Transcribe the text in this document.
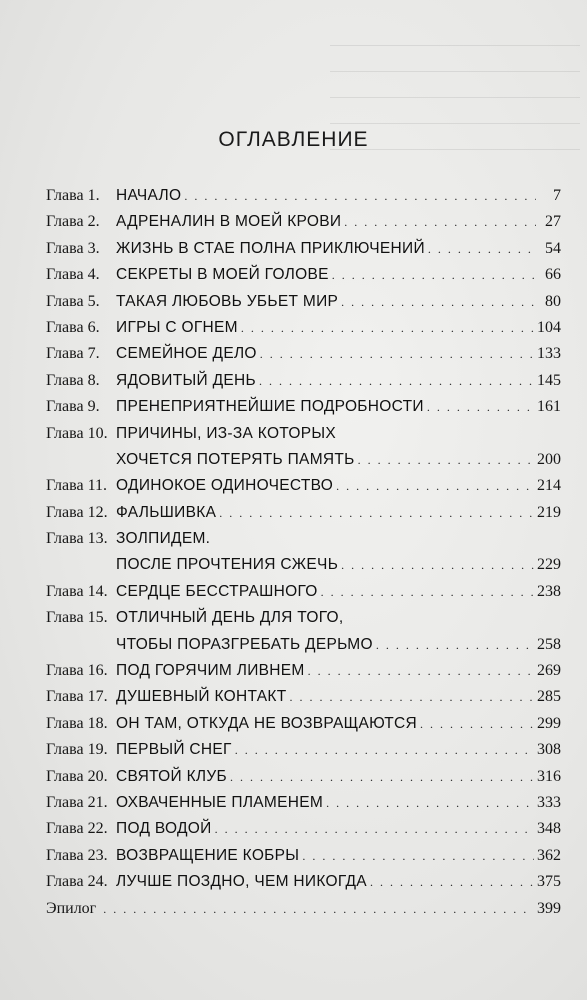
ОГЛАВЛЕНИЕ
Глава 1.	НАЧАЛО . . .	7
Глава 2.	АДРЕНАЛИН В МОЕЙ КРОВИ . . .	27
Глава 3.	ЖИЗНЬ В СТАЕ ПОЛНА ПРИКЛЮЧЕНИЙ . . .	54
Глава 4.	СЕКРЕТЫ В МОЕЙ ГОЛОВЕ . . .	66
Глава 5.	ТАКАЯ ЛЮБОВЬ УБЬЕТ МИР . . .	80
Глава 6.	ИГРЫ С ОГНЕМ . . .	104
Глава 7.	СЕМЕЙНОЕ ДЕЛО . . .	133
Глава 8.	ЯДОВИТЫЙ ДЕНЬ . . .	145
Глава 9.	ПРЕНЕПРИЯТНЕЙШИЕ ПОДРОБНОСТИ . . .	161
Глава 10. ПРИЧИНЫ, ИЗ-ЗА КОТОРЫХ
ХОЧЕТСЯ ПОТЕРЯТЬ ПАМЯТЬ . . .	200
Глава 11. ОДИНОКОЕ ОДИНОЧЕСТВО . . .	214
Глава 12. ФАЛЬШИВКА . . .	219
Глава 13. ЗОЛПИДЕМ.
ПОСЛЕ ПРОЧТЕНИЯ СЖЕЧЬ . . .	229
Глава 14. СЕРДЦЕ БЕССТРАШНОГО . . .	238
Глава 15. ОТЛИЧНЫЙ ДЕНЬ ДЛЯ ТОГО,
ЧТОБЫ ПОРАЗГРЕБАТЬ ДЕРЬМО . . .	258
Глава 16. ПОД ГОРЯЧИМ ЛИВНЕМ . . .	269
Глава 17. ДУШЕВНЫЙ КОНТАКТ . . .	285
Глава 18. ОН ТАМ, ОТКУДА НЕ ВОЗВРАЩАЮТСЯ . . .	299
Глава 19. ПЕРВЫЙ СНЕГ . . .	308
Глава 20. СВЯТОЙ КЛУБ . . .	316
Глава 21. ОХВАЧЕННЫЕ ПЛАМЕНЕМ . . .	333
Глава 22. ПОД ВОДОЙ . . .	348
Глава 23. ВОЗВРАЩЕНИЕ КОБРЫ . . .	362
Глава 24. ЛУЧШЕ ПОЗДНО, ЧЕМ НИКОГДА . . .	375
Эпилог . . .	399
